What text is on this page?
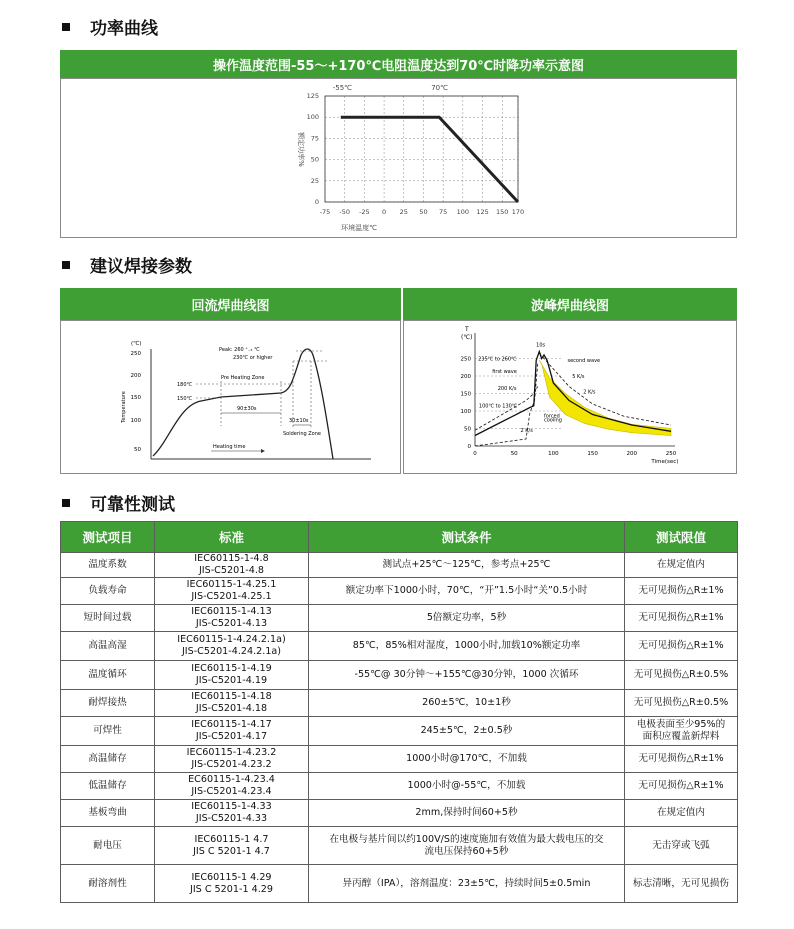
功率曲线
操作温度范围-55～+170℃电阻温度达到70℃时降功率示意图
-75 -50 -25 0 25 50 75 100 125 150 170
0
25
50
75
100
125
-55℃	70℃
环境温度℃
额定功率%
建议焊接参数
回流焊曲线图	波峰焊曲线图
(℃)
250
200
150
100
50
Temperature
Peak: 260 ⁺₋₅ ℃
230℃ or higher
Pre Heating Zone
180℃
150℃
90±30s
30±10s
Soldering Zone
Heating time	0
50
100
150
200
250
0	50	100	150	200	250
T
(℃)
Time(sec)
10s
235℃ to 260℃	second wave
first wave
5 K/s
200 K/s
2 K/s
100℃ to 130℃
forced
cooling
2 K/s
可靠性测试
测试项目	标准	测试条件	测试限值
温度系数	IEC60115-1-4.8
JIS-C5201-4.8	测试点+25℃～125℃，参考点+25℃	在规定值内
负载寿命	IEC60115-1-4.25.1
JIS-C5201-4.25.1	额定功率下1000小时，70℃，“开”1.5小时“关”0.5小时	无可见损伤△R±1%
短时间过载	IEC60115-1-4.13
JIS-C5201-4.13	5倍额定功率，5秒	无可见损伤△R±1%
高温高湿	IEC60115-1-4.24.2.1a)
JIS-C5201-4.24.2.1a)	85℃，85%相对湿度，1000小时,加载10%额定功率	无可见损伤△R±1%
温度循环	IEC60115-1-4.19
JIS-C5201-4.19	-55℃@ 30分钟～+155℃@30分钟，1000 次循环	无可见损伤△R±0.5%
耐焊接热	IEC60115-1-4.18
JIS-C5201-4.18	260±5℃，10±1秒	无可见损伤△R±0.5%
可焊性	IEC60115-1-4.17
JIS-C5201-4.17	245±5℃，2±0.5秒	电极表面至少95%的
面积应覆盖新焊料
高温储存	IEC60115-1-4.23.2
JIS-C5201-4.23.2	1000小时@170℃，不加载	无可见损伤△R±1%
低温储存	EC60115-1-4.23.4
JIS-C5201-4.23.4	1000小时@-55℃，不加载	无可见损伤△R±1%
基板弯曲	IEC60115-1-4.33
JIS-C5201-4.33	2mm,保持时间60+5秒	在规定值内
耐电压	IEC60115-1 4.7
JIS C 5201-1 4.7	在电极与基片间以约100V/S的速度施加有效值为最大载电压的交
流电压保持60+5秒	无击穿或飞弧
耐溶剂性	IEC60115-1 4.29
JIS C 5201-1 4.29	异丙醇（IPA），溶剂温度：23±5℃，持续时间5±0.5min	标志清晰，无可见损伤
